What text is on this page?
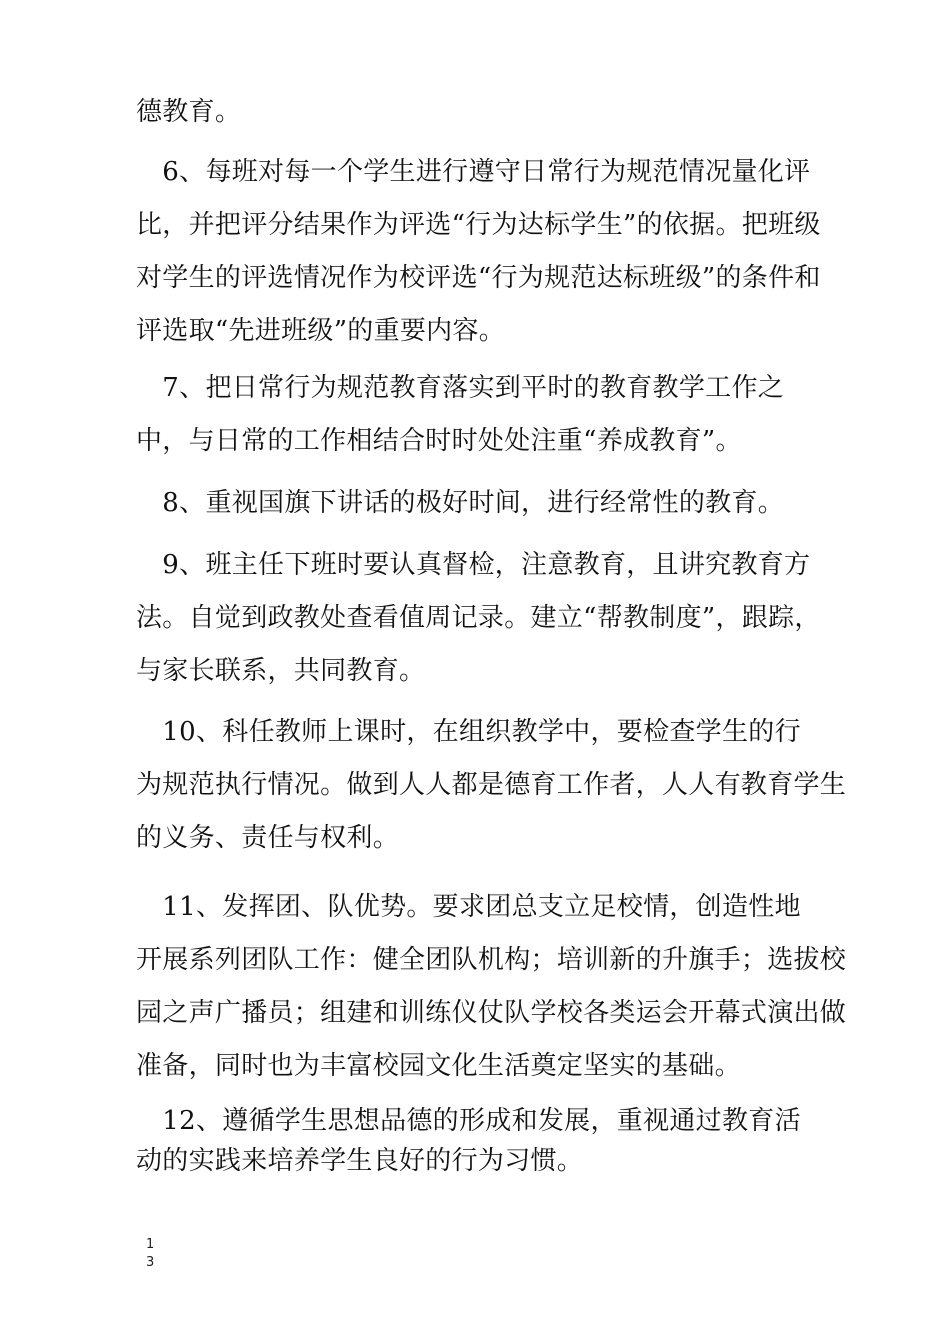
德教育。

　6、每班对每一个学生进行遵守日常行为规范情况量化评
比，并把评分结果作为评选“行为达标学生”的依据。把班级
对学生的评选情况作为校评选“行为规范达标班级”的条件和
评选取“先进班级”的重要内容。

　7、把日常行为规范教育落实到平时的教育教学工作之
中，与日常的工作相结合时时处处注重“养成教育”。

　8、重视国旗下讲话的极好时间，进行经常性的教育。

　9、班主任下班时要认真督检，注意教育，且讲究教育方
法。自觉到政教处查看值周记录。建立“帮教制度”，跟踪，
与家长联系，共同教育。

　10、科任教师上课时，在组织教学中，要检查学生的行
为规范执行情况。做到人人都是德育工作者，人人有教育学生
的义务、责任与权利。

　11、发挥团、队优势。要求团总支立足校情，创造性地
开展系列团队工作：健全团队机构；培训新的升旗手；选拔校
园之声广播员；组建和训练仪仗队学校各类运会开幕式演出做
准备，同时也为丰富校园文化生活奠定坚实的基础。

　12、遵循学生思想品德的形成和发展，重视通过教育活
动的实践来培养学生良好的行为习惯。

1
3
